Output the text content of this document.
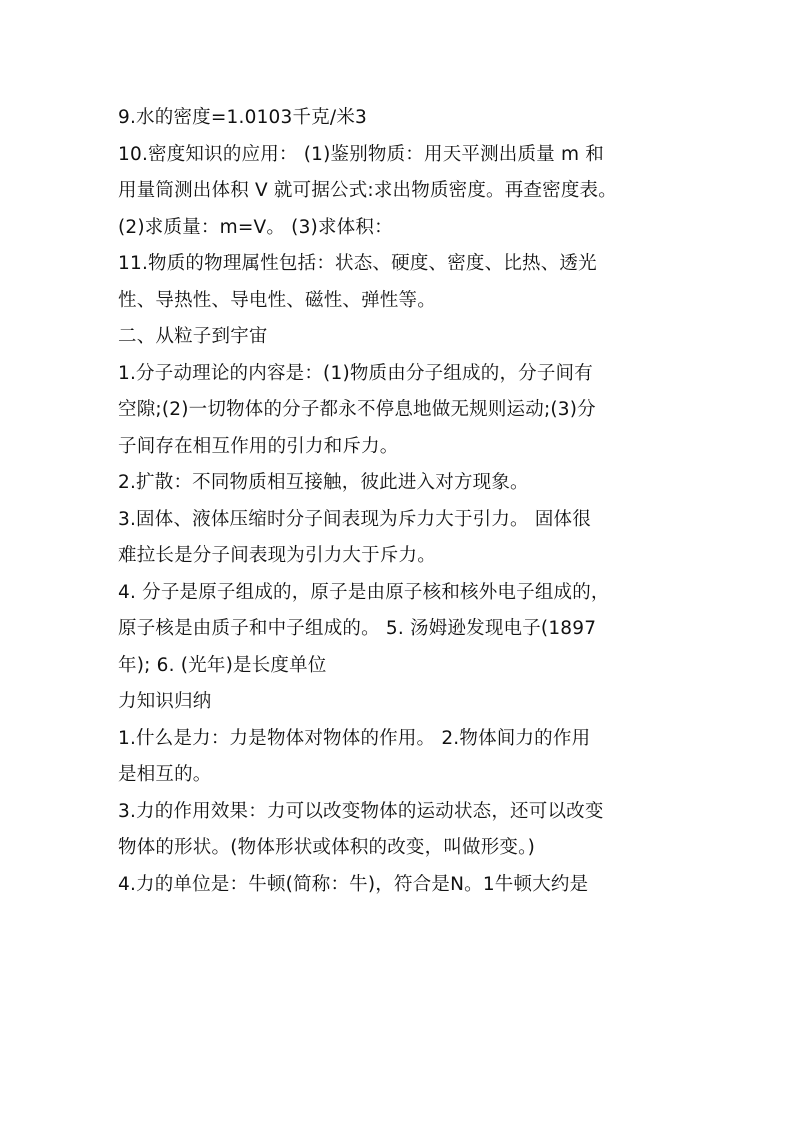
9.水的密度=1.0103千克/米3
10.密度知识的应用： (1)鉴别物质：用天平测出质量 m 和
用量筒测出体积 V 就可据公式:求出物质密度。再查密度表。
(2)求质量：m=V。 (3)求体积：
11.物质的物理属性包括：状态、硬度、密度、比热、透光
性、导热性、导电性、磁性、弹性等。
二、从粒子到宇宙
1.分子动理论的内容是：(1)物质由分子组成的，分子间有
空隙;(2)一切物体的分子都永不停息地做无规则运动;(3)分
子间存在相互作用的引力和斥力。
2.扩散：不同物质相互接触，彼此进入对方现象。
3.固体、液体压缩时分子间表现为斥力大于引力。 固体很
难拉长是分子间表现为引力大于斥力。
4. 分子是原子组成的，原子是由原子核和核外电子组成的，
原子核是由质子和中子组成的。 5. 汤姆逊发现电子(1897
年); 6. (光年)是长度单位
力知识归纳
1.什么是力：力是物体对物体的作用。 2.物体间力的作用
是相互的。
3.力的作用效果：力可以改变物体的运动状态，还可以改变
物体的形状。(物体形状或体积的改变，叫做形变。)
4.力的单位是：牛顿(简称：牛)，符合是N。1牛顿大约是
